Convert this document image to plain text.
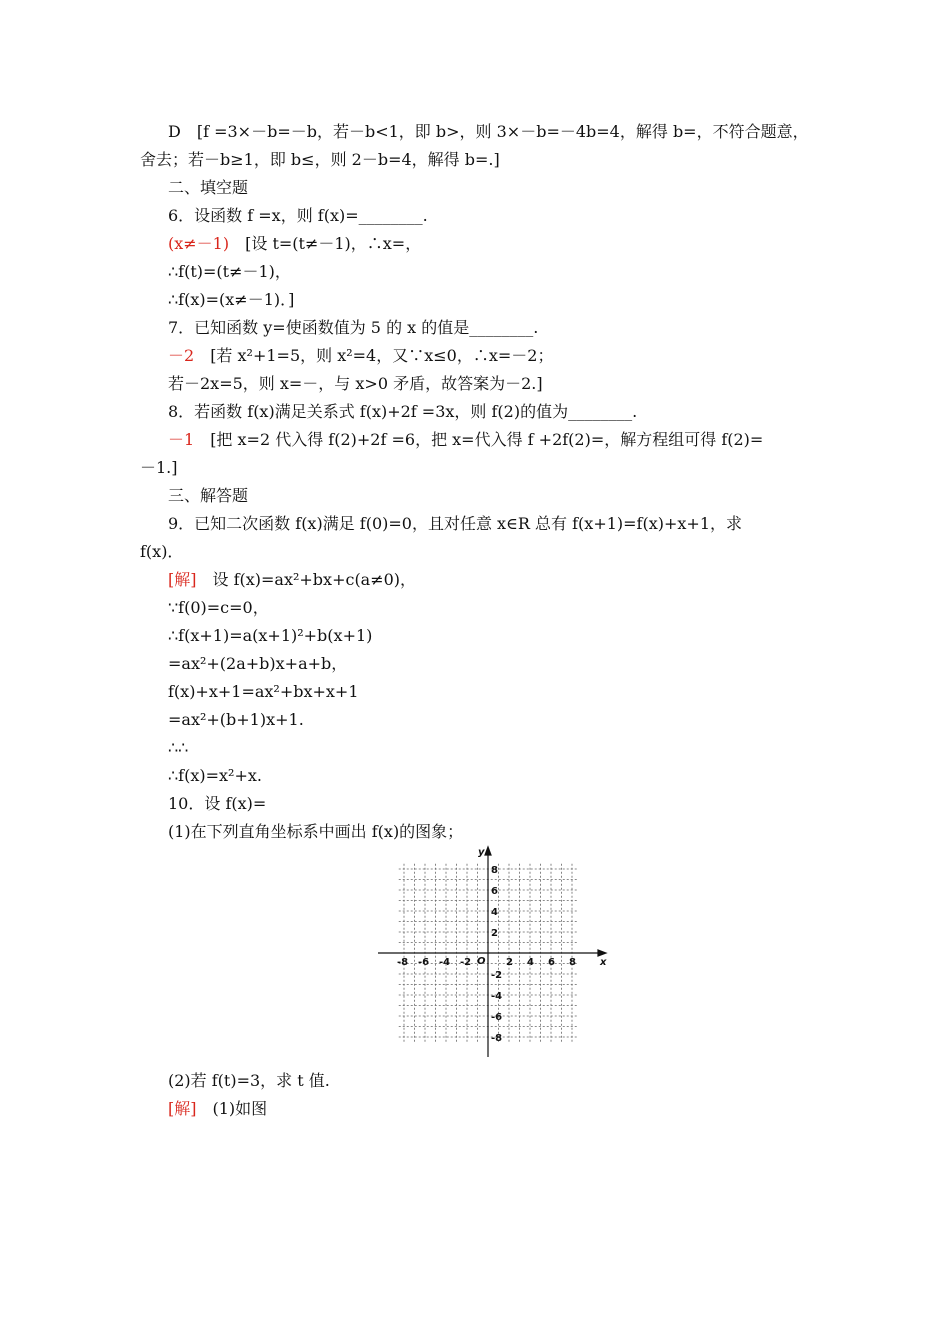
D　[f =3×－b=－b，若－b<1，即 b>，则 3×－b=－4b=4，解得 b=，不符合题意，
舍去；若－b≥1，即 b≤，则 2－b=4，解得 b=.]
二、填空题
6．设函数 f =x，则 f(x)=________.
(x≠－1)　[设 t=(t≠－1)，∴x=，
∴f(t)=(t≠－1)，
∴f(x)=(x≠－1)．]
7．已知函数 y=使函数值为 5 的 x 的值是________.
－2　[若 x²+1=5，则 x²=4，又∵x≤0，∴x=－2；
若－2x=5，则 x=－，与 x>0 矛盾，故答案为－2.]
8．若函数 f(x)满足关系式 f(x)+2f =3x，则 f(2)的值为________.
－1　[把 x=2 代入得 f(2)+2f =6，把 x=代入得 f +2f(2)=，解方程组可得 f(2)=
－1.]
三、解答题
9．已知二次函数 f(x)满足 f(0)=0，且对任意 x∈R 总有 f(x+1)=f(x)+x+1，求
f(x)．
[解]　设 f(x)=ax²+bx+c(a≠0)，
∵f(0)=c=0，
∴f(x+1)=a(x+1)²+b(x+1)
=ax²+(2a+b)x+a+b，
f(x)+x+1=ax²+bx+x+1
=ax²+(b+1)x+1.
∴∴
∴f(x)=x²+x.
10．设 f(x)=
(1)在下列直角坐标系中画出 f(x)的图象；
x
y
O
-8 -6 -4 -2	2 4 6 8
8
6
4
2
-2
-4
-6
-8
(2)若 f(t)=3，求 t 值.
[解]　(1)如图
